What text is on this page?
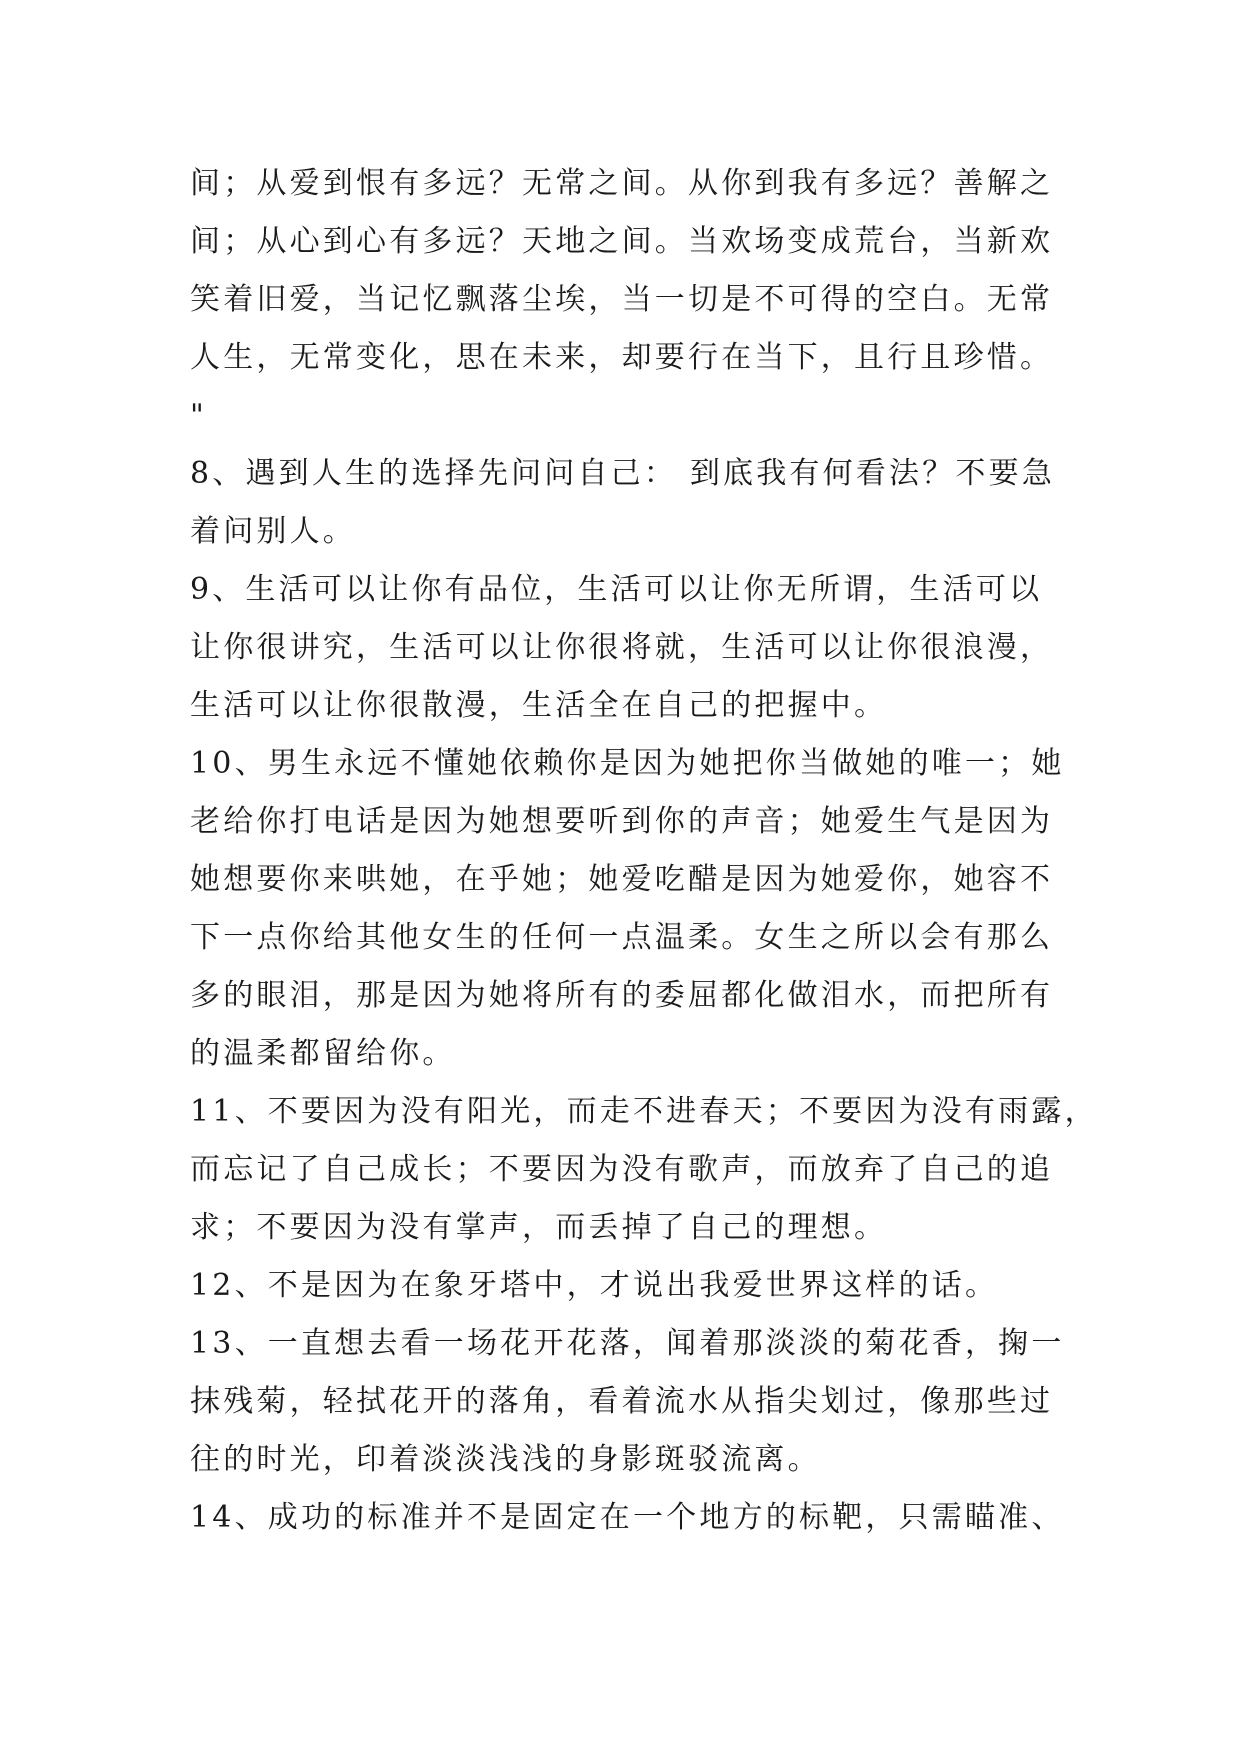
间；从爱到恨有多远？无常之间。从你到我有多远？善解之
间；从心到心有多远？天地之间。当欢场变成荒台，当新欢
笑着旧爱，当记忆飘落尘埃，当一切是不可得的空白。无常
人生，无常变化，思在未来，却要行在当下，且行且珍惜。
"
8、遇到人生的选择先问问自己： 到底我有何看法？不要急
着问别人。
9、生活可以让你有品位，生活可以让你无所谓，生活可以
让你很讲究，生活可以让你很将就，生活可以让你很浪漫，
生活可以让你很散漫，生活全在自己的把握中。
10、男生永远不懂她依赖你是因为她把你当做她的唯一；她
老给你打电话是因为她想要听到你的声音；她爱生气是因为
她想要你来哄她，在乎她；她爱吃醋是因为她爱你，她容不
下一点你给其他女生的任何一点温柔。女生之所以会有那么
多的眼泪，那是因为她将所有的委屈都化做泪水，而把所有
的温柔都留给你。
11、不要因为没有阳光，而走不进春天；不要因为没有雨露，
而忘记了自己成长；不要因为没有歌声，而放弃了自己的追
求；不要因为没有掌声，而丢掉了自己的理想。
12、不是因为在象牙塔中，才说出我爱世界这样的话。
13、一直想去看一场花开花落，闻着那淡淡的菊花香，掬一
抹残菊，轻拭花开的落角，看着流水从指尖划过，像那些过
往的时光，印着淡淡浅浅的身影斑驳流离。
14、成功的标准并不是固定在一个地方的标靶，只需瞄准、
